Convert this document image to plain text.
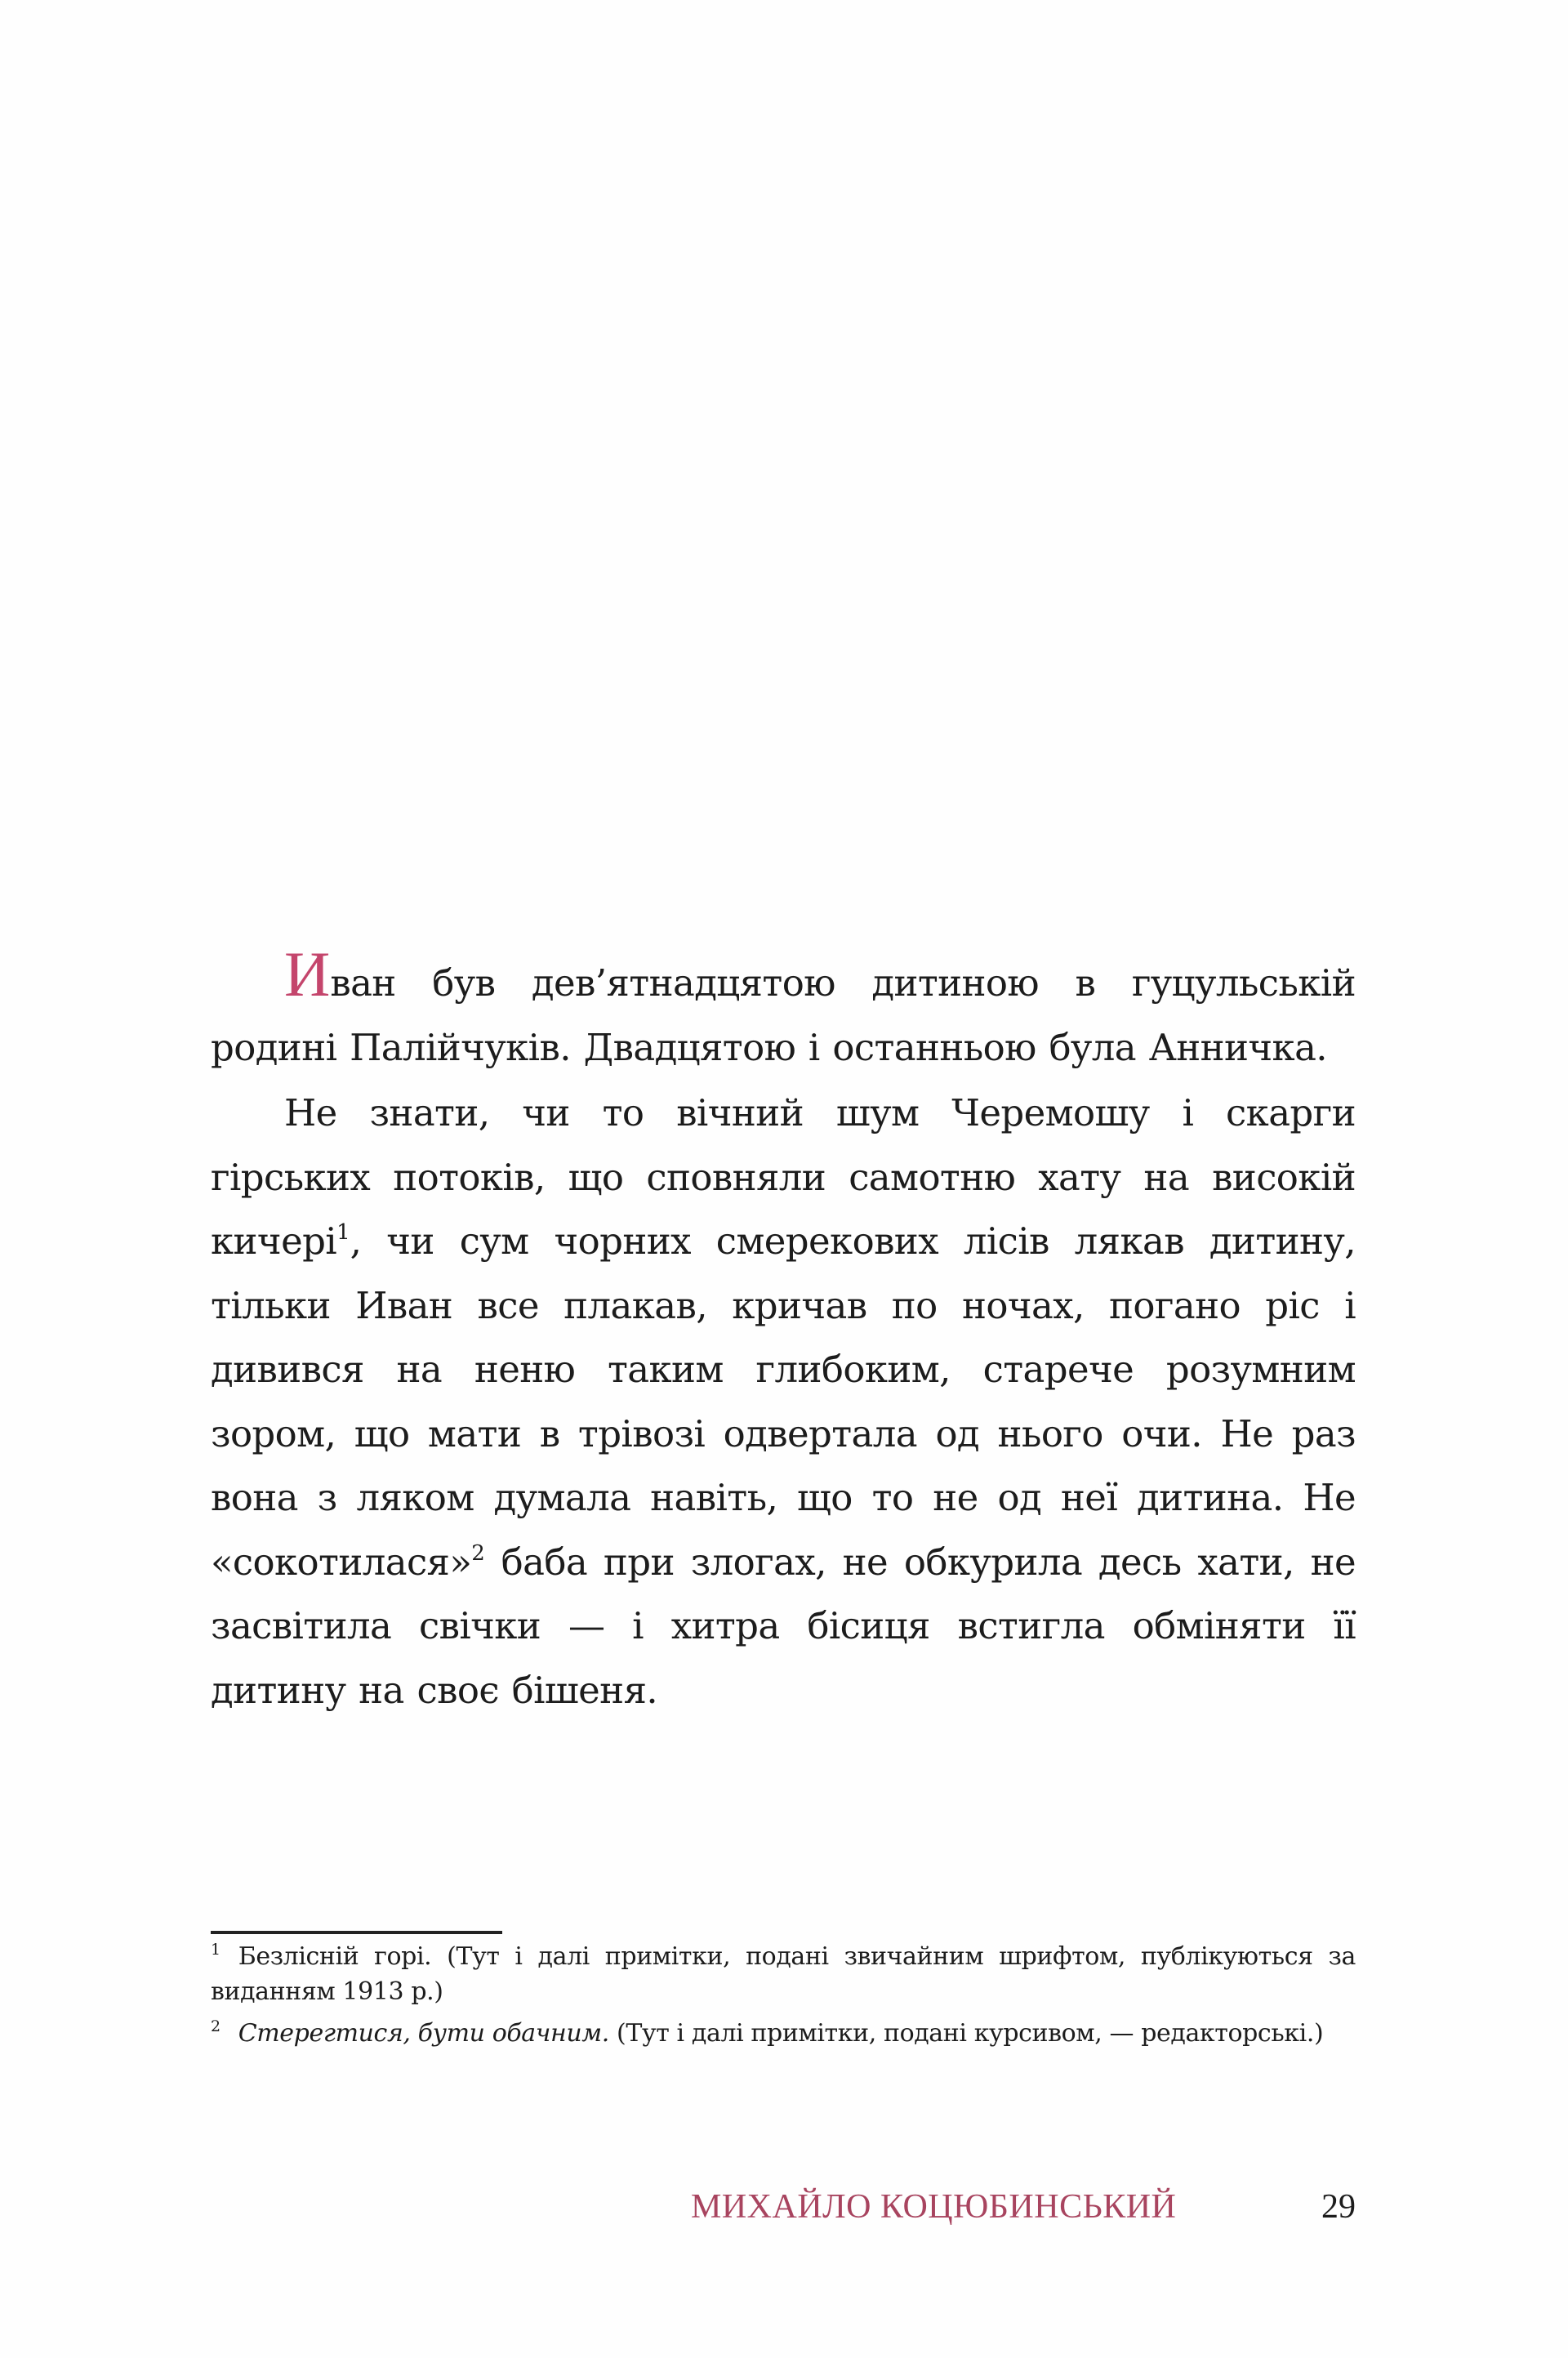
Иван був дев’ятнадцятою дитиною в гуцульській родині Палійчуків. Двадцятою і останньою була Анничка.

Не знати, чи то вічний шум Черемошу і скарги гірських потоків, що сповняли самотню хату на високій кичері$^1$, чи сум чорних смерекових лісів лякав дитину, тільки Иван все плакав, кричав по ночах, погано ріс і дивився на неню таким глибоким, старече розумним зором, що мати в трівозі одвертала од нього очи. Не раз вона з ляком думала навіть, що то не од неї дитина. Не «сокотилася»$^2$ баба при злогах, не обкурила десь хати, не засвітила свічки — і хитра бісиця встигла обміняти її дитину на своє бішеня.

$^1$ Безлісній горі. (Тут і далі примітки, подані звичайним шрифтом, публікуються за виданням 1913 р.)

$^2$ Стерегтися, бути обачним. (Тут і далі примітки, подані курсивом, — редакторські.)

МИХАЙЛО КОЦЮБИНСЬКИЙ	29
